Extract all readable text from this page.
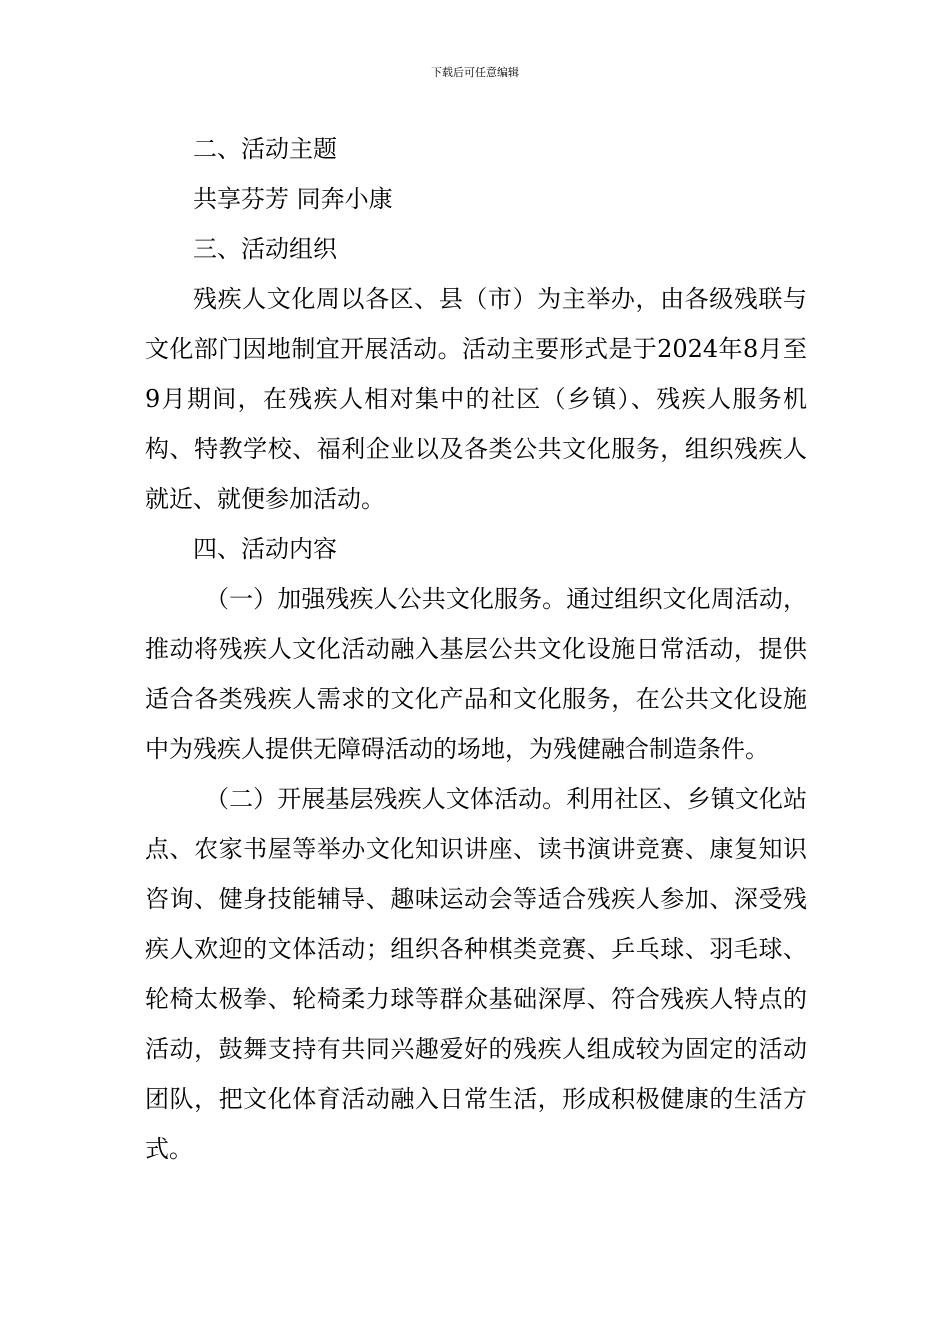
下载后可任意编辑

二、活动主题

共享芬芳 同奔小康

三、活动组织

残疾人文化周以各区、县（市）为主举办，由各级残联与文化部门因地制宜开展活动。活动主要形式是于2024年8月至9月期间，在残疾人相对集中的社区（乡镇）、残疾人服务机构、特教学校、福利企业以及各类公共文化服务，组织残疾人就近、就便参加活动。

四、活动内容

（一）加强残疾人公共文化服务。通过组织文化周活动，推动将残疾人文化活动融入基层公共文化设施日常活动，提供适合各类残疾人需求的文化产品和文化服务，在公共文化设施中为残疾人提供无障碍活动的场地，为残健融合制造条件。

（二）开展基层残疾人文体活动。利用社区、乡镇文化站点、农家书屋等举办文化知识讲座、读书演讲竞赛、康复知识咨询、健身技能辅导、趣味运动会等适合残疾人参加、深受残疾人欢迎的文体活动；组织各种棋类竞赛、乒乓球、羽毛球、轮椅太极拳、轮椅柔力球等群众基础深厚、符合残疾人特点的活动，鼓舞支持有共同兴趣爱好的残疾人组成较为固定的活动团队，把文化体育活动融入日常生活，形成积极健康的生活方式。
